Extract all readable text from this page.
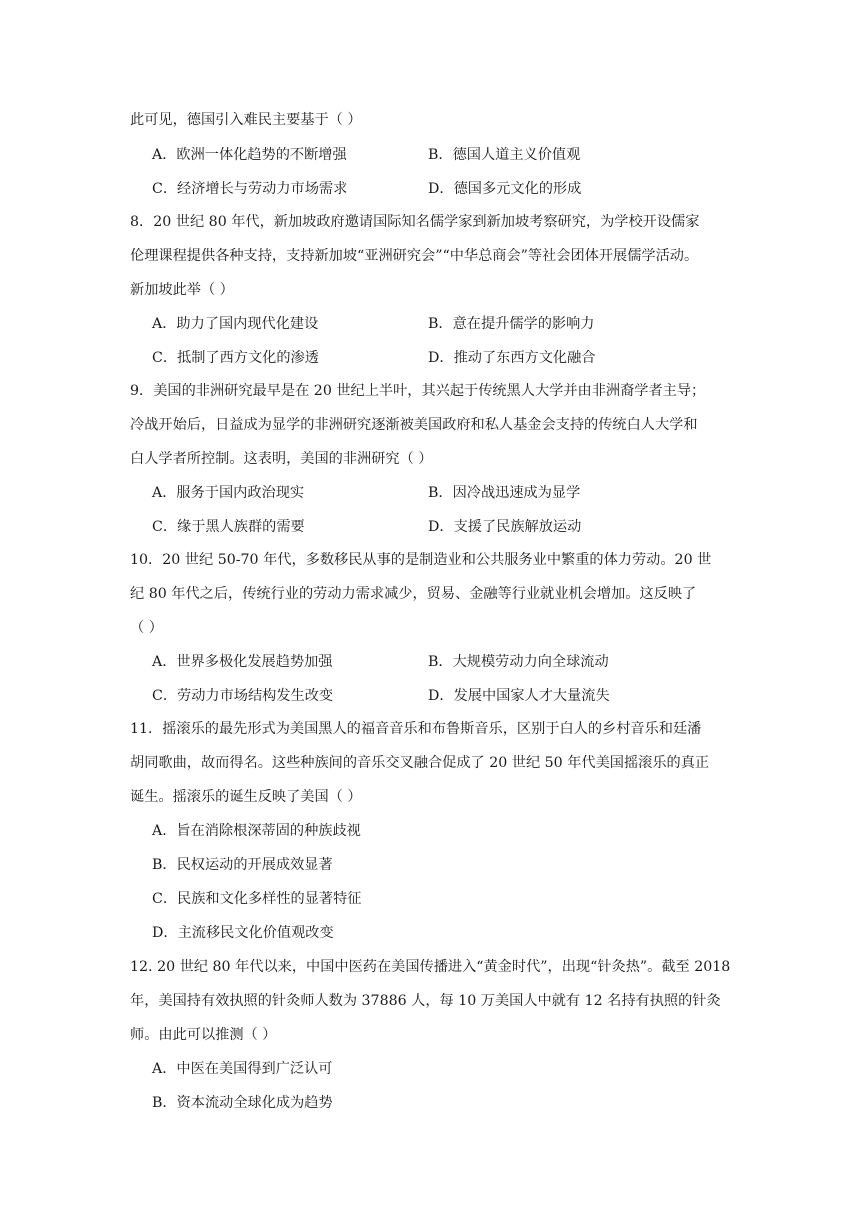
此可见，德国引入难民主要基于（ ）
A．欧洲一体化趋势的不断增强	B．德国人道主义价值观
C．经济增长与劳动力市场需求	D．德国多元文化的形成
8．20 世纪 80 年代，新加坡政府邀请国际知名儒学家到新加坡考察研究，为学校开设儒家
伦理课程提供各种支持，支持新加坡“亚洲研究会”“中华总商会”等社会团体开展儒学活动。
新加坡此举（ ）
A．助力了国内现代化建设	B．意在提升儒学的影响力
C．抵制了西方文化的渗透	D．推动了东西方文化融合
9．美国的非洲研究最早是在 20 世纪上半叶，其兴起于传统黑人大学并由非洲裔学者主导；
冷战开始后，日益成为显学的非洲研究逐渐被美国政府和私人基金会支持的传统白人大学和
白人学者所控制。这表明，美国的非洲研究（ ）
A．服务于国内政治现实	B．因冷战迅速成为显学
C．缘于黑人族群的需要	D．支援了民族解放运动
10．20 世纪 50-70 年代，多数移民从事的是制造业和公共服务业中繁重的体力劳动。20 世
纪 80 年代之后，传统行业的劳动力需求减少，贸易、金融等行业就业机会增加。这反映了
（ ）
A．世界多极化发展趋势加强	B．大规模劳动力向全球流动
C．劳动力市场结构发生改变	D．发展中国家人才大量流失
11．摇滚乐的最先形式为美国黑人的福音音乐和布鲁斯音乐，区别于白人的乡村音乐和廷潘
胡同歌曲，故而得名。这些种族间的音乐交叉融合促成了 20 世纪 50 年代美国摇滚乐的真正
诞生。摇滚乐的诞生反映了美国（ ）
A．旨在消除根深蒂固的种族歧视
B．民权运动的开展成效显著
C．民族和文化多样性的显著特征
D．主流移民文化价值观改变
12. 20 世纪 80 年代以来，中国中医药在美国传播进入“黄金时代”，出现“针灸热”。截至 2018
年，美国持有效执照的针灸师人数为 37886 人，每 10 万美国人中就有 12 名持有执照的针灸
师。由此可以推测（ ）
A．中医在美国得到广泛认可
B．资本流动全球化成为趋势
